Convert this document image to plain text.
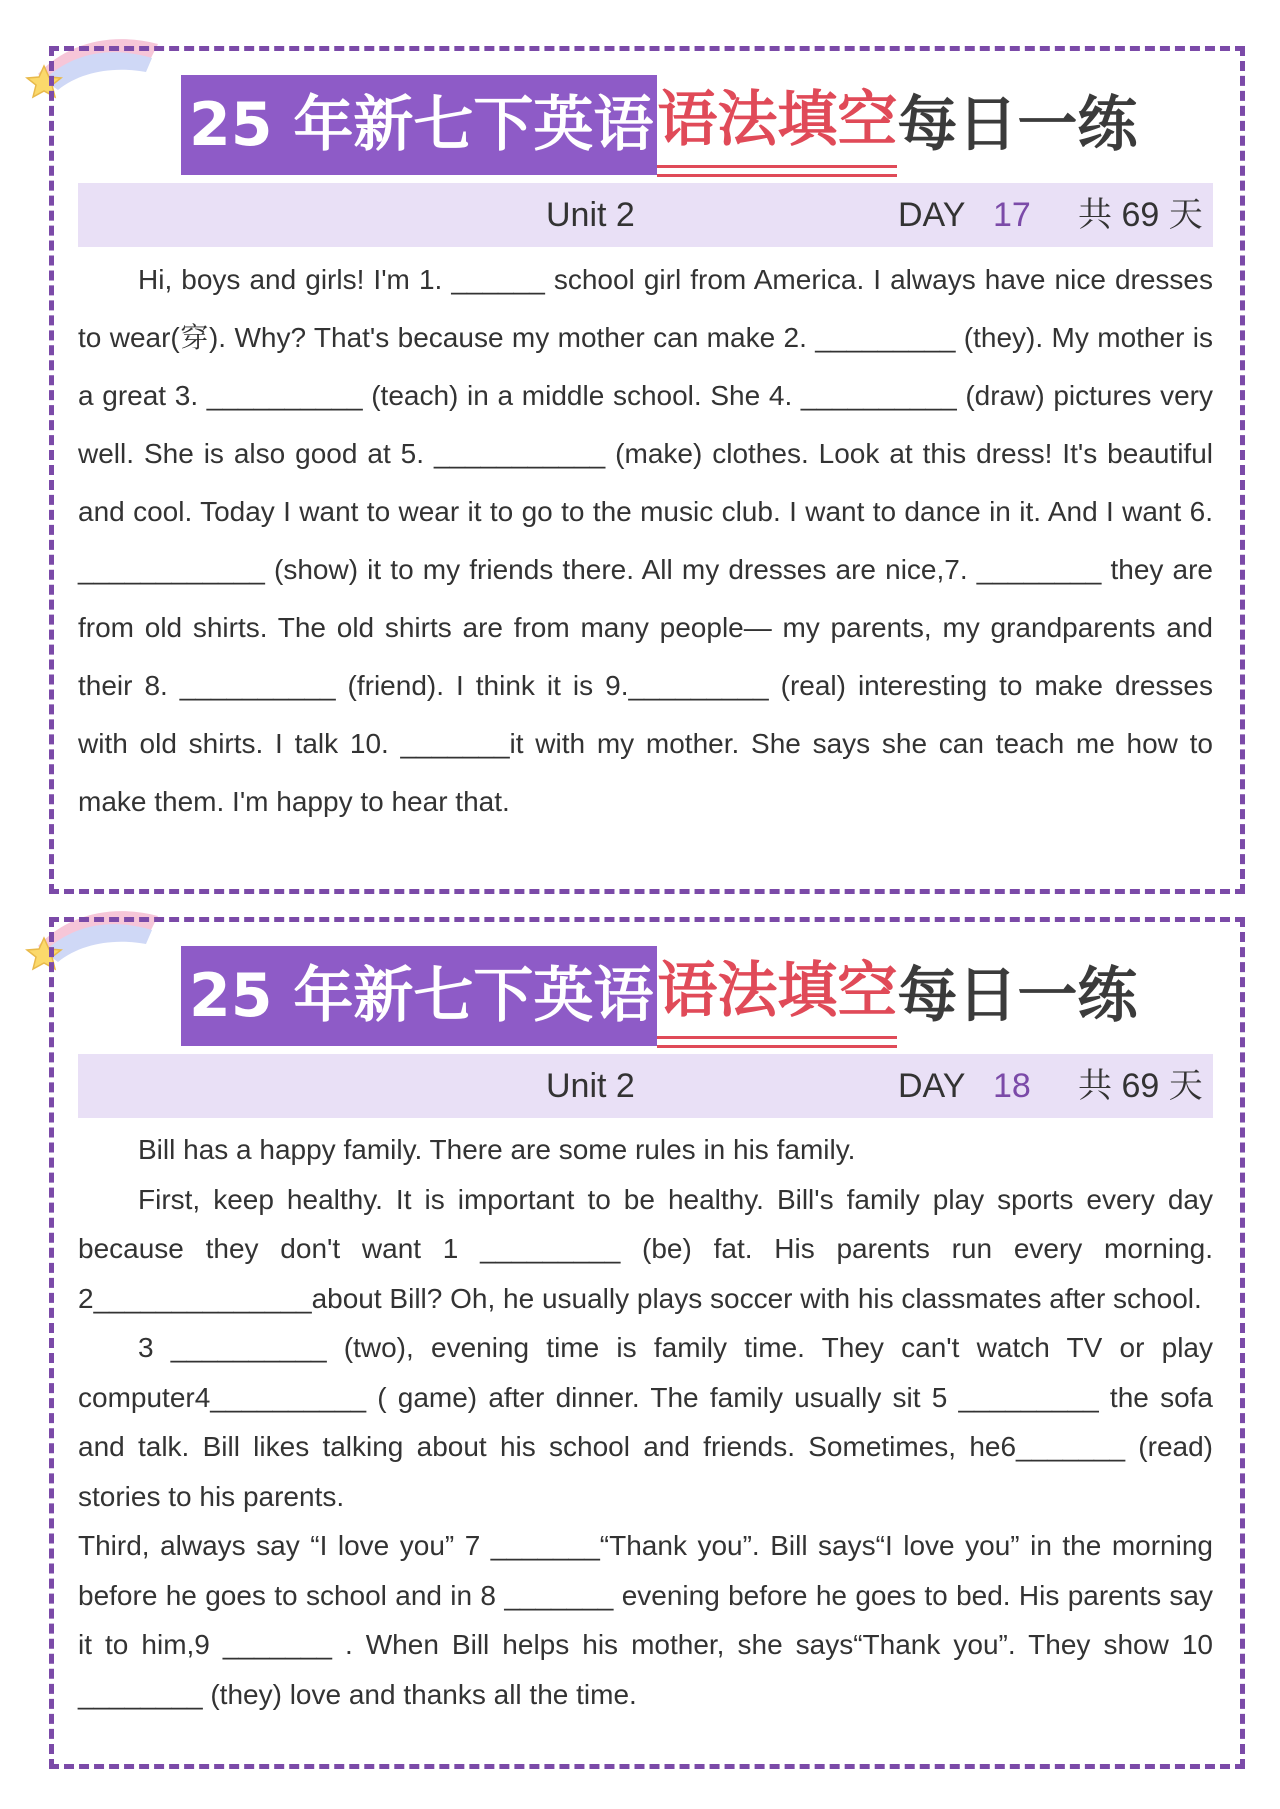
25 年新七下英语语法填空每日一练
Unit 2	DAY 17 共 69 天

Hi, boys and girls! I'm 1. ______ school girl from America. I always have nice dresses to wear(穿). Why? That's because my mother can make 2. _________ (they). My mother is a great 3. __________ (teach) in a middle school. She 4. __________ (draw) pictures very well. She is also good at 5. ___________ (make) clothes. Look at this dress! It's beautiful and cool. Today I want to wear it to go to the music club. I want to dance in it. And I want 6. ____________ (show) it to my friends there. All my dresses are nice,7. ________ they are from old shirts. The old shirts are from many people— my parents, my grandparents and their 8. __________ (friend). I think it is 9._________ (real) interesting to make dresses with old shirts. I talk 10. _______it with my mother. She says she can teach me how to make them. I'm happy to hear that.

25 年新七下英语语法填空每日一练
Unit 2	DAY 18 共 69 天

Bill has a happy family. There are some rules in his family.

First, keep healthy. It is important to be healthy. Bill's family play sports every day because they don't want 1 _________ (be) fat. His parents run every morning. 2______________about Bill? Oh, he usually plays soccer with his classmates after school.

3 __________ (two), evening time is family time. They can't watch TV or play computer4__________ ( game) after dinner. The family usually sit 5 _________ the sofa and talk. Bill likes talking about his school and friends. Sometimes, he6_______ (read) stories to his parents.

Third, always say “I love you” 7 _______“Thank you”. Bill says“I love you” in the morning before he goes to school and in 8 _______ evening before he goes to bed. His parents say it to him,9 _______ . When Bill helps his mother, she says“Thank you”. They show 10 ________ (they) love and thanks all the time.
